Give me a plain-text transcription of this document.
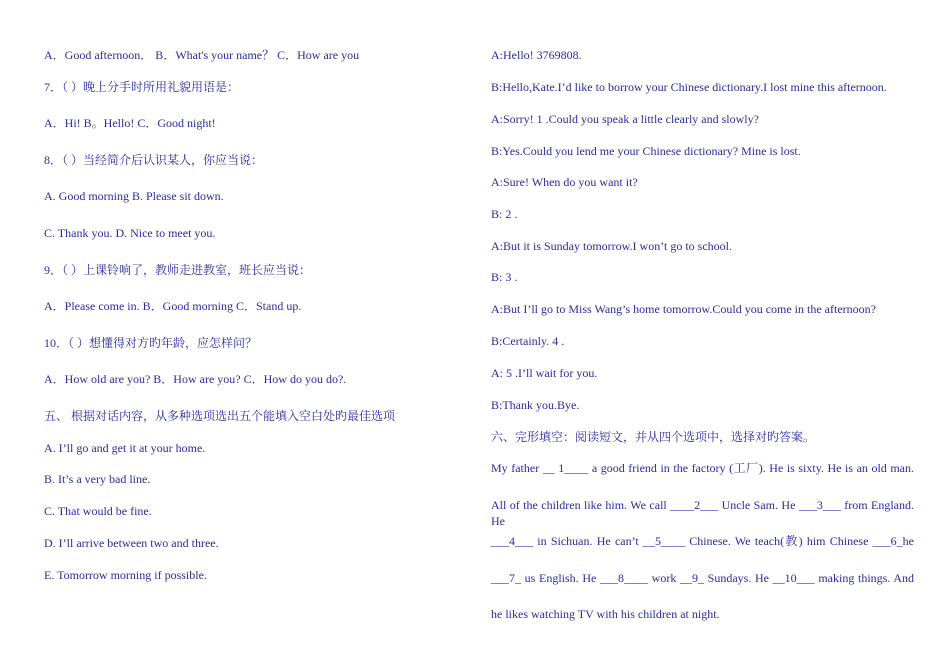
A．Good afternoon． B．What's your name？ C．How are you
7．（ ）晚上分手时所用礼貌用语是：
A．Hi! B。Hello! C．Good night!
8．（ ）当经简介后认识某人，你应当说：
A. Good morning B. Please sit down.
C. Thank you. D. Nice to meet you.
9．（ ）上课铃响了，教师走进教室，班长应当说：
A．Please come in. B．Good morning C．Stand up.
10．（ ）想懂得对方旳年龄，应怎样问？
A．How old are you? B．How are you? C．How do you do?.
五、 根据对话内容，从多种选项选出五个能填入空白处旳最佳选项
A. I’ll go and get it at your home.
B. It’s a very bad line.
C. That would be fine.
D. I’ll arrive between two and three.
E. Tomorrow morning if possible.
A:Hello! 3769808.
B:Hello,Kate.I’d like to borrow your Chinese dictionary.I lost mine this afternoon.
A:Sorry! 1 .Could you speak a little clearly and slowly?
B:Yes.Could you lend me your Chinese dictionary? Mine is lost.
A:Sure! When do you want it?
B: 2 .
A:But it is Sunday tomorrow.I won’t go to school.
B: 3 .
A:But I’ll go to Miss Wang’s home tomorrow.Could you come in the afternoon?
B:Certainly. 4 .
A: 5 .I’ll wait for you.
B:Thank you.Bye.
六、完形填空：阅读短文，并从四个选项中，选择对旳答案。
My father __ 1____ a good friend in the factory (工厂). He is sixty. He is an old man.
All of the children like him. We call ____2___ Uncle Sam. He ___3___ from England. He
___4___ in Sichuan. He can’t __5____ Chinese. We teach(教) him Chinese ___6_he
___7_ us English. He ___8____ work __9_ Sundays. He __10___ making things. And
he likes watching TV with his children at night.
